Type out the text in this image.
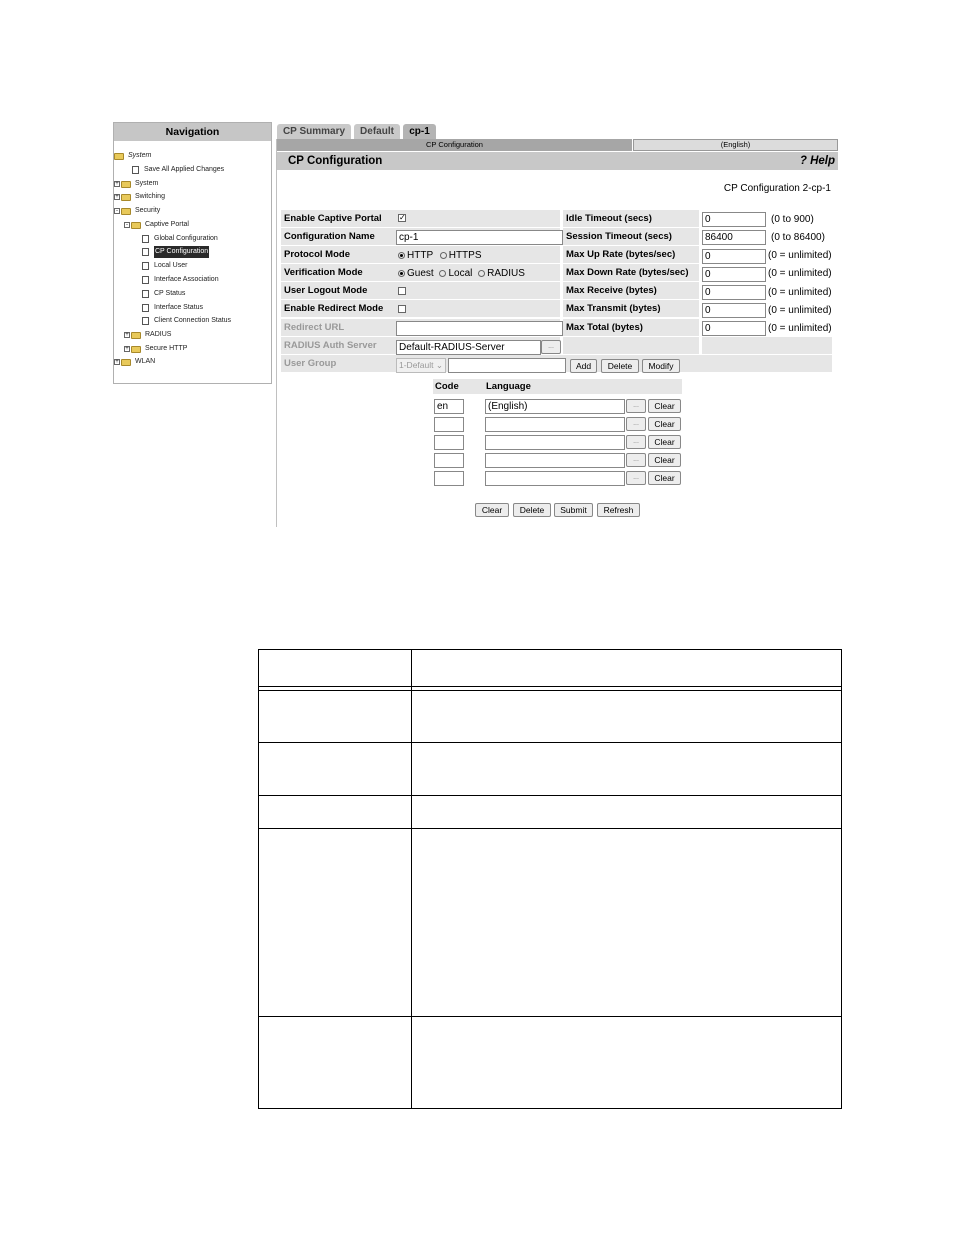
Navigation	CP Summary	Default	cp-1
CP Configuration	(English)
CP Configuration	? Help
CP Configuration 2-cp-1
Enable Captive Portal	✓
Configuration Name	cp-1
Protocol Mode	HTTP HTTPS
Verification Mode	Guest Local RADIUS
User Logout Mode
Enable Redirect Mode
Redirect URL
RADIUS Auth Server	Default-RADIUS-Server	...
User Group	1-Default ⌄	Add	Delete	Modify
Idle Timeout (secs)	0	(0 to 900)
Session Timeout (secs)	86400	(0 to 86400)
Max Up Rate (bytes/sec)	0	(0 = unlimited)
Max Down Rate (bytes/sec)	0	(0 = unlimited)
Max Receive (bytes)	0	(0 = unlimited)
Max Transmit (bytes)	0	(0 = unlimited)
Max Total (bytes)	0	(0 = unlimited)
Code	Language
en	(English)	...	Clear
...	Clear
...	Clear
...	Clear
...	Clear
Clear	Delete	Submit	Refresh
System
Save All Applied Changes
+ System
+ Switching
- Security
- Captive Portal
Global Configuration
CP Configuration
Local User
Interface Association
CP Status
Interface Status
Client Connection Status
+ RADIUS
+ Secure HTTP
+ WLAN
